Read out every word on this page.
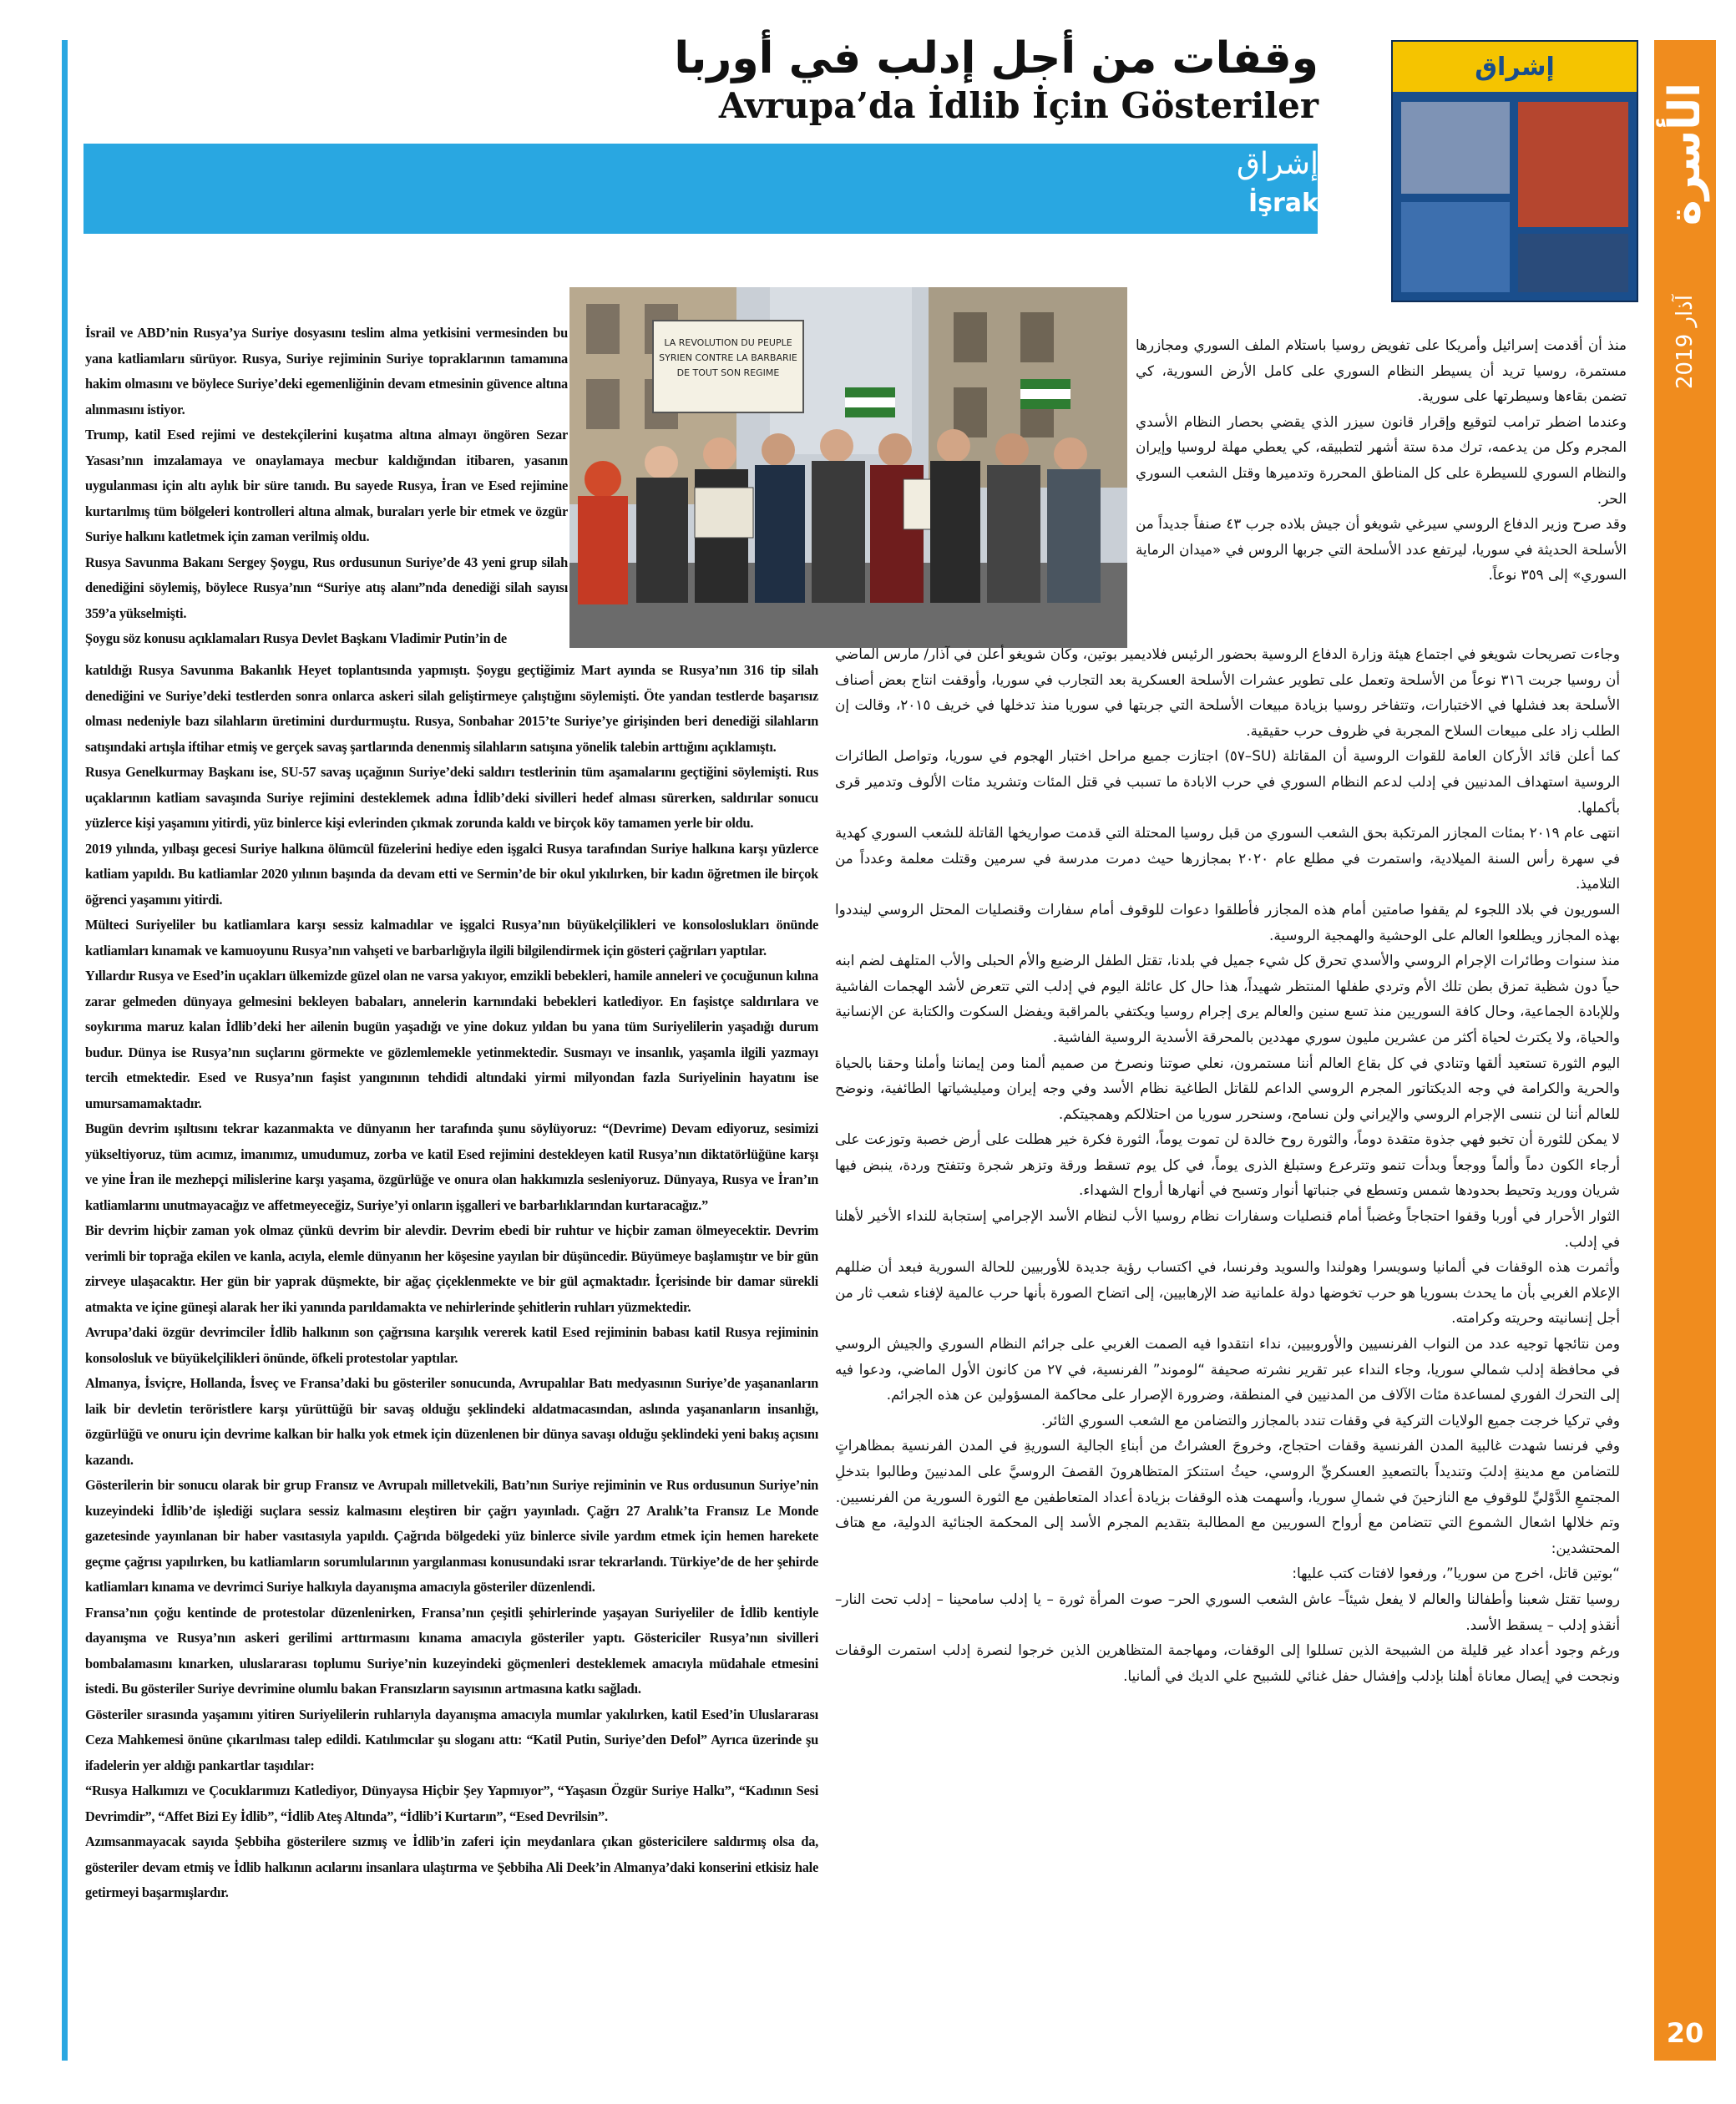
الأسرة
آذار 2019
20
إشراق
وقفات من أجل إدلب في أوربا
Avrupa’da İdlib İçin Gösteriler
إشراق
İşrak
LA REVOLUTION DU PEUPLE
SYRIEN CONTRE LA BARBARIE
DE TOUT SON REGIME

İsrail ve ABD’nin Rusya’ya Suriye dosyasını teslim alma yetkisini vermesinden bu yana katliamlarıı sürüyor. Rusya, Suriye rejiminin Suriye topraklarının tamamına hakim olmasını ve böylece Suriye’deki egemenliğinin devam etmesinin güvence altına alınmasını istiyor.

Trump, katil Esed rejimi ve destekçilerini kuşatma altına almayı öngören Sezar Yasası’nın imzalamaya ve onaylamaya mecbur kaldığından itibaren, yasanın uygulanması için altı aylık bir süre tanıdı. Bu sayede Rusya, İran ve Esed rejimine kurtarılmış tüm bölgeleri kontrolleri altına almak, buraları yerle bir etmek ve özgür Suriye halkını katletmek için zaman verilmiş oldu.

Rusya Savunma Bakanı Sergey Şoygu, Rus ordusunun Suriye’de 43 yeni grup silah denediğini söylemiş, böylece Rusya’nın “Suriye atış alanı”nda denediği silah sayısı 359’a yükselmişti.

Şoygu söz konusu açıklamaları Rusya Devlet Başkanı Vladimir Putin’in de

katıldığı Rusya Savunma Bakanlık Heyet toplantısında yapmıştı. Şoygu geçtiğimiz Mart ayında se Rusya’nın 316 tip silah denediğini ve Suriye’deki testlerden sonra onlarca askeri silah geliştirmeye çalıştığını söylemişti. Öte yandan testlerde başarısız olması nedeniyle bazı silahların üretimini durdurmuştu. Rusya, Sonbahar 2015’te Suriye’ye girişinden beri denediği silahların satışındaki artışla iftihar etmiş ve gerçek savaş şartlarında denenmiş silahların satışına yönelik talebin arttığını açıklamıştı.

Rusya Genelkurmay Başkanı ise, SU-57 savaş uçağının Suriye’deki saldırı testlerinin tüm aşamalarını geçtiğini söylemişti. Rus uçaklarının katliam savaşında Suriye rejimini desteklemek adına İdlib’deki sivilleri hedef alması sürerken, saldırılar sonucu yüzlerce kişi yaşamını yitirdi, yüz binlerce kişi evlerinden çıkmak zorunda kaldı ve birçok köy tamamen yerle bir oldu.

2019 yılında, yılbaşı gecesi Suriye halkına ölümcül füzelerini hediye eden işgalci Rusya tarafından Suriye halkına karşı yüzlerce katliam yapıldı. Bu katliamlar 2020 yılının başında da devam etti ve Sermin’de bir okul yıkılırken, bir kadın öğretmen ile birçok öğrenci yaşamını yitirdi.

Mülteci Suriyeliler bu katliamlara karşı sessiz kalmadılar ve işgalci Rusya’nın büyükelçilikleri ve konsoloslukları önünde katliamları kınamak ve kamuoyunu Rusya’nın vahşeti ve barbarlığıyla ilgili bilgilendirmek için gösteri çağrıları yaptılar.

Yıllardır Rusya ve Esed’in uçakları ülkemizde güzel olan ne varsa yakıyor, emzikli bebekleri, hamile anneleri ve çocuğunun kılına zarar gelmeden dünyaya gelmesini bekleyen babaları, annelerin karnındaki bebekleri katlediyor. En faşistçe saldırılara ve soykırıma maruz kalan İdlib’deki her ailenin bugün yaşadığı ve yine dokuz yıldan bu yana tüm Suriyelilerin yaşadığı durum budur. Dünya ise Rusya’nın suçlarını görmekte ve gözlemlemekle yetinmektedir. Susmayı ve insanlık, yaşamla ilgili yazmayı tercih etmektedir. Esed ve Rusya’nın faşist yangınının tehdidi altındaki yirmi milyondan fazla Suriyelinin hayatını ise umursamamaktadır.

Bugün devrim ışıltısını tekrar kazanmakta ve dünyanın her tarafında şunu söylüyoruz: “(Devrime) Devam ediyoruz, sesimizi yükseltiyoruz, tüm acımız, imanımız, umudumuz, zorba ve katil Esed rejimini destekleyen katil Rusya’nın diktatörlüğüne karşı ve yine İran ile mezhepçi milislerine karşı yaşama, özgürlüğe ve onura olan hakkımızla sesleniyoruz. Dünyaya, Rusya ve İran’ın katliamlarını unutmayacağız ve affetmeyeceğiz, Suriye’yi onların işgalleri ve barbarlıklarından kurtaracağız.”

Bir devrim hiçbir zaman yok olmaz çünkü devrim bir alevdir. Devrim ebedi bir ruhtur ve hiçbir zaman ölmeyecektir. Devrim verimli bir toprağa ekilen ve kanla, acıyla, elemle dünyanın her köşesine yayılan bir düşüncedir. Büyümeye başlamıştır ve bir gün zirveye ulaşacaktır. Her gün bir yaprak düşmekte, bir ağaç çiçeklenmekte ve bir gül açmaktadır. İçerisinde bir damar sürekli atmakta ve içine güneşi alarak her iki yanında parıldamakta ve nehirlerinde şehitlerin ruhları yüzmektedir.

Avrupa’daki özgür devrimciler İdlib halkının son çağrısına karşılık vererek katil Esed rejiminin babası katil Rusya rejiminin konsolosluk ve büyükelçilikleri önünde, öfkeli protestolar yaptılar.

Almanya, İsviçre, Hollanda, İsveç ve Fransa’daki bu gösteriler sonucunda, Avrupalılar Batı medyasının Suriye’de yaşananların laik bir devletin teröristlere karşı yürüttüğü bir savaş olduğu şeklindeki aldatmacasından, aslında yaşananların insanlığı, özgürlüğü ve onuru için devrime kalkan bir halkı yok etmek için düzenlenen bir dünya savaşı olduğu şeklindeki yeni bakış açısını kazandı.

Gösterilerin bir sonucu olarak bir grup Fransız ve Avrupalı milletvekili, Batı’nın Suriye rejiminin ve Rus ordusunun Suriye’nin kuzeyindeki İdlib’de işlediği suçlara sessiz kalmasını eleştiren bir çağrı yayınladı. Çağrı 27 Aralık’ta Fransız Le Monde gazetesinde yayınlanan bir haber vasıtasıyla yapıldı. Çağrıda bölgedeki yüz binlerce sivile yardım etmek için hemen harekete geçme çağrısı yapılırken, bu katliamların sorumlularının yargılanması konusundaki ısrar tekrarlandı. Türkiye’de de her şehirde katliamları kınama ve devrimci Suriye halkıyla dayanışma amacıyla gösteriler düzenlendi.

Fransa’nın çoğu kentinde de protestolar düzenlenirken, Fransa’nın çeşitli şehirlerinde yaşayan Suriyeliler de İdlib kentiyle dayanışma ve Rusya’nın askeri gerilimi arttırmasını kınama amacıyla gösteriler yaptı. Göstericiler Rusya’nın sivilleri bombalamasını kınarken, uluslararası toplumu Suriye’nin kuzeyindeki göçmenleri desteklemek amacıyla müdahale etmesini istedi. Bu gösteriler Suriye devrimine olumlu bakan Fransızların sayısının artmasına katkı sağladı.

Gösteriler sırasında yaşamını yitiren Suriyelilerin ruhlarıyla dayanışma amacıyla mumlar yakılırken, katil Esed’in Uluslararası Ceza Mahkemesi önüne çıkarılması talep edildi. Katılımcılar şu sloganı attı: “Katil Putin, Suriye’den Defol” Ayrıca üzerinde şu ifadelerin yer aldığı pankartlar taşıdılar:

“Rusya Halkımızı ve Çocuklarımızı Katlediyor, Dünyaysa Hiçbir Şey Yapmıyor”, “Yaşasın Özgür Suriye Halkı”, “Kadının Sesi Devrimdir”, “Affet Bizi Ey İdlib”, “İdlib Ateş Altında”, “İdlib’i Kurtarın”, “Esed Devrilsin”.

Azımsanmayacak sayıda Şebbiha gösterilere sızmış ve İdlib’in zaferi için meydanlara çıkan göstericilere saldırmış olsa da, gösteriler devam etmiş ve İdlib halkının acılarını insanlara ulaştırma ve Şebbiha Ali Deek’in Almanya’daki konserini etkisiz hale getirmeyi başarmışlardır.

منذ أن أقدمت إسرائيل وأمريكا على تفويض روسيا باستلام الملف السوري ومجازرها مستمرة، روسيا تريد أن يسيطر النظام السوري على كامل الأرض السورية، كي تضمن بقاءها وسيطرتها على سورية.

وعندما اضطر ترامب لتوقيع وإقرار قانون سيزر الذي يقضي بحصار النظام الأسدي المجرم وكل من يدعمه، ترك مدة ستة أشهر لتطبيقه، كي يعطي مهلة لروسيا وإيران والنظام السوري للسيطرة على كل المناطق المحررة وتدميرها وقتل الشعب السوري الحر.

وقد صرح وزير الدفاع الروسي سيرغي شويغو أن جيش بلاده جرب ٤٣ صنفاً جديداً من الأسلحة الحديثة في سوريا، ليرتفع عدد الأسلحة التي جربها الروس في «ميدان الرماية السوري» إلى ٣٥٩ نوعاً.

وجاءت تصريحات شويغو في اجتماع هيئة وزارة الدفاع الروسية بحضور الرئيس فلاديمير بوتين، وكان شويغو أعلن في آذار/ مارس الماضي أن روسيا جربت ٣١٦ نوعاً من الأسلحة وتعمل على تطوير عشرات الأسلحة العسكرية بعد التجارب في سوريا، وأوقفت انتاج بعض أصناف الأسلحة بعد فشلها في الاختبارات، وتتفاخر روسيا بزيادة مبيعات الأسلحة التي جربتها في سوريا منذ تدخلها في خريف ٢٠١٥، وقالت إن الطلب زاد على مبيعات السلاح المجربة في ظروف حرب حقيقية.

كما أعلن قائد الأركان العامة للقوات الروسية أن المقاتلة (SU–٥٧) اجتازت جميع مراحل اختبار الهجوم في سوريا، وتواصل الطائرات الروسية استهداف المدنيين في إدلب لدعم النظام السوري في حرب الابادة ما تسبب في قتل المئات وتشريد مئات الألوف وتدمير قرى بأكملها.

انتهى عام ٢٠١٩ بمئات المجازر المرتكبة بحق الشعب السوري من قبل روسيا المحتلة التي قدمت صواريخها القاتلة للشعب السوري كهدية في سهرة رأس السنة الميلادية، واستمرت في مطلع عام ٢٠٢٠ بمجازرها حيث دمرت مدرسة في سرمين وقتلت معلمة وعدداً من التلاميذ.

السوريون في بلاد اللجوء لم يقفوا صامتين أمام هذه المجازر فأطلقوا دعوات للوقوف أمام سفارات وقنصليات المحتل الروسي لينددوا بهذه المجازر ويطلعوا العالم على الوحشية والهمجية الروسية.

منذ سنوات وطائرات الإجرام الروسي والأسدي تحرق كل شيء جميل في بلدنا، تقتل الطفل الرضيع والأم الحبلى والأب المتلهف لضم ابنه حياً دون شظية تمزق بطن تلك الأم وتردي طفلها المنتظر شهيداً، هذا حال كل عائلة اليوم في إدلب التي تتعرض لأشد الهجمات الفاشية وللإبادة الجماعية، وحال كافة السوريين منذ تسع سنين والعالم يرى إجرام روسيا ويكتفي بالمراقبة ويفضل السكوت والكتابة عن الإنسانية والحياة، ولا يكترث لحياة أكثر من عشرين مليون سوري مهددين بالمحرقة الأسدية الروسية الفاشية.

اليوم الثورة تستعيد ألقها وتنادي في كل بقاع العالم أننا مستمرون، نعلي صوتنا ونصرخ من صميم ألمنا ومن إيماننا وأملنا وحقنا بالحياة والحرية والكرامة في وجه الديكتاتور المجرم الروسي الداعم للقاتل الطاغية نظام الأسد وفي وجه إيران وميليشياتها الطائفية، ونوضح للعالم أننا لن ننسى الإجرام الروسي والإيراني ولن نسامح، وسنحرر سوريا من احتلالكم وهمجيتكم.

لا يمكن للثورة أن تخبو فهي جذوة متقدة دوماً، والثورة روح خالدة لن تموت يوماً، الثورة فكرة خير هطلت على أرض خصبة وتوزعت على أرجاء الكون دماً وألماً ووجعاً وبدأت تنمو وتترعرع وستبلغ الذرى يوماً، في كل يوم تسقط ورقة وتزهر شجرة وتتفتح وردة، ينبض فيها شريان ووريد وتحيط بحدودها شمس وتسطع في جنباتها أنوار وتسبح في أنهارها أرواح الشهداء.

الثوار الأحرار في أوربا وقفوا احتجاجاً وغضباً أمام قنصليات وسفارات نظام روسيا الأب لنظام الأسد الإجرامي إستجابة للنداء الأخير لأهلنا في إدلب.

وأثمرت هذه الوقفات في ألمانيا وسويسرا وهولندا والسويد وفرنسا، في اكتساب رؤية جديدة للأوربيين للحالة السورية فبعد أن ضللهم الإعلام الغربي بأن ما يحدث بسوريا هو حرب تخوضها دولة علمانية ضد الإرهابيين، إلى اتضاح الصورة بأنها حرب عالمية لإفناء شعب ثار من أجل إنسانيته وحريته وكرامته.

ومن نتائجها توجيه عدد من النواب الفرنسيين والأوروبيين، نداء انتقدوا فيه الصمت الغربي على جرائم النظام السوري والجيش الروسي في محافظة إدلب شمالي سوريا، وجاء النداء عبر تقرير نشرته صحيفة “لوموند” الفرنسية، في ٢٧ من كانون الأول الماضي، ودعوا فيه إلى التحرك الفوري لمساعدة مئات الآلاف من المدنيين في المنطقة، وضرورة الإصرار على محاكمة المسؤولين عن هذه الجرائم.

وفي تركيا خرجت جميع الولايات التركية في وقفات تندد بالمجازر والتضامن مع الشعب السوري الثائر.

وفي فرنسا شهدت غالبية المدن الفرنسية وقفات احتجاج، وخروجَ العشراتُ من أبناءِ الجالية السوريةِ في المدن الفرنسية بمظاهراتٍ للتضامن مع مدينةِ إدلبَ وتنديداً بالتصعيدِ العسكريِّ الروسي، حيثُ استنكرَ المتظاهرونَ القصفَ الروسيَّ على المدنيينَ وطالبوا بتدخلِ المجتمعِ الدَّوْليِّ للوقوفِ مع النازحينَ في شمالِ سوريا، وأسهمت هذه الوقفات بزيادة أعداد المتعاطفين مع الثورة السورية من الفرنسيين.

وتم خلالها اشعال الشموع التي تتضامن مع أرواح السوريين مع المطالبة بتقديم المجرم الأسد إلى المحكمة الجنائية الدولية، مع هتاف المحتشدين:

“بوتين قاتل، اخرج من سوريا”، ورفعوا لافتات كتب عليها:

روسيا تقتل شعبنا وأطفالنا والعالم لا يفعل شيئاً– عاش الشعب السوري الحر– صوت المرأة ثورة – يا إدلب سامحينا – إدلب تحت النار– أنقذو إدلب – يسقط الأسد.

ورغم وجود أعداد غير قليلة من الشبيحة الذين تسللوا إلى الوقفات، ومهاجمة المتظاهرين الذين خرجوا لنصرة إدلب استمرت الوقفات ونجحت في إيصال معاناة أهلنا بإدلب وإفشال حفل غنائي للشبيح علي الديك في ألمانيا.
